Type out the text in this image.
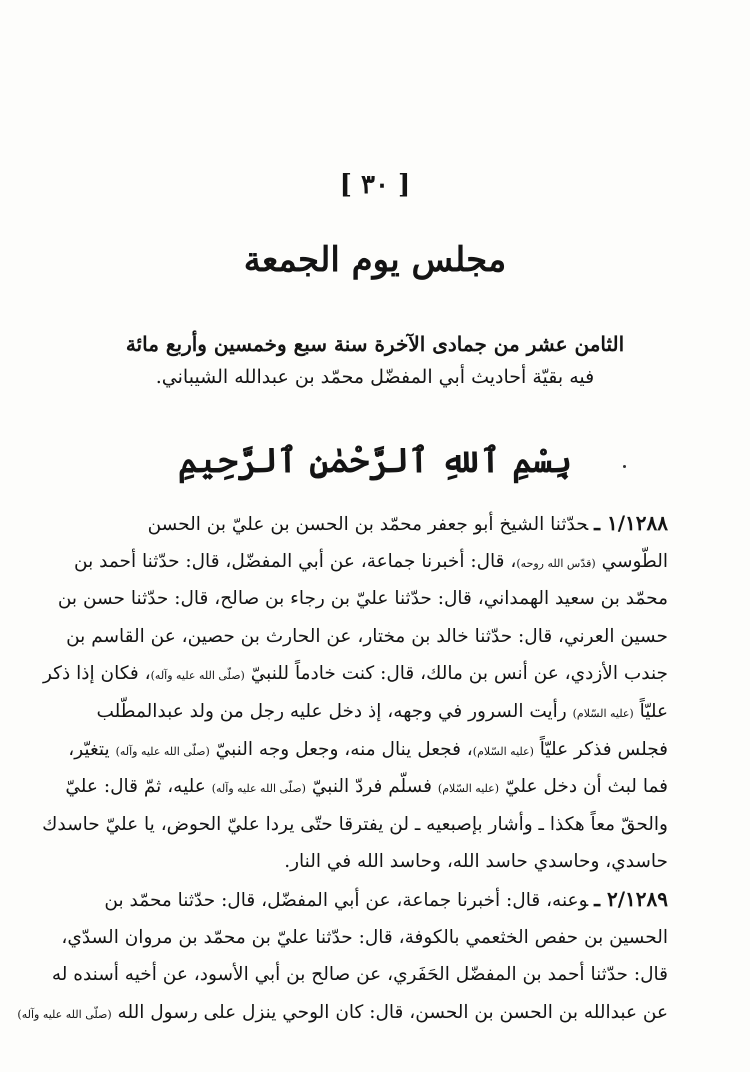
[ ٣٠ ]
مجلس يوم الجمعة
الثامن عشر من جمادى الآخرة سنة سبع وخمسين وأربع مائة
فيه بقيّة أحاديث أبي المفضّل محمّد بن عبدالله الشيباني.
بِسْمِ ٱللهِ ٱلرَّحْمٰنِ ٱلرَّحِيمِ
١/١٢٨٨ ـحدّثنا الشيخ أبو جعفر محمّد بن الحسن بن عليّ بن الحسن
الطّوسي (قدّس الله روحه)، قال: أخبرنا جماعة، عن أبي المفضّل، قال: حدّثنا أحمد بن
محمّد بن سعيد الهمداني، قال: حدّثنا عليّ بن رجاء بن صالح، قال: حدّثنا حسن بن
حسين العرني، قال: حدّثنا خالد بن مختار، عن الحارث بن حصين، عن القاسم بن
جندب الأزدي، عن أنس بن مالك، قال: كنت خادماً للنبيّ (صلّى الله عليه وآله)، فكان إذا ذكر
عليّاً (عليه السّلام) رأيت السرور في وجهه، إذ دخل عليه رجل من ولد عبدالمطّلب
فجلس فذكر عليّاً (عليه السّلام)، فجعل ينال منه، وجعل وجه النبيّ (صلّى الله عليه وآله) يتغيّر،
فما لبث أن دخل عليّ (عليه السّلام) فسلّم فردّ النبيّ (صلّى الله عليه وآله) عليه، ثمّ قال: عليّ
والحقّ معاً هكذا ـ وأشار بإصبعيه ـ لن يفترقا حتّى يردا عليّ الحوض، يا عليّ حاسدك
حاسدي، وحاسدي حاسد الله، وحاسد الله في النار.
٢/١٢٨٩ ـوعنه، قال: أخبرنا جماعة، عن أبي المفضّل، قال: حدّثنا محمّد بن
الحسين بن حفص الخثعمي بالكوفة، قال: حدّثنا عليّ بن محمّد بن مروان السدّي،
قال: حدّثنا أحمد بن المفضّل الحَفَري، عن صالح بن أبي الأسود، عن أخيه أسنده له
عن عبدالله بن الحسن بن الحسن، قال: كان الوحي ينزل على رسول الله (صلّى الله عليه وآله)
